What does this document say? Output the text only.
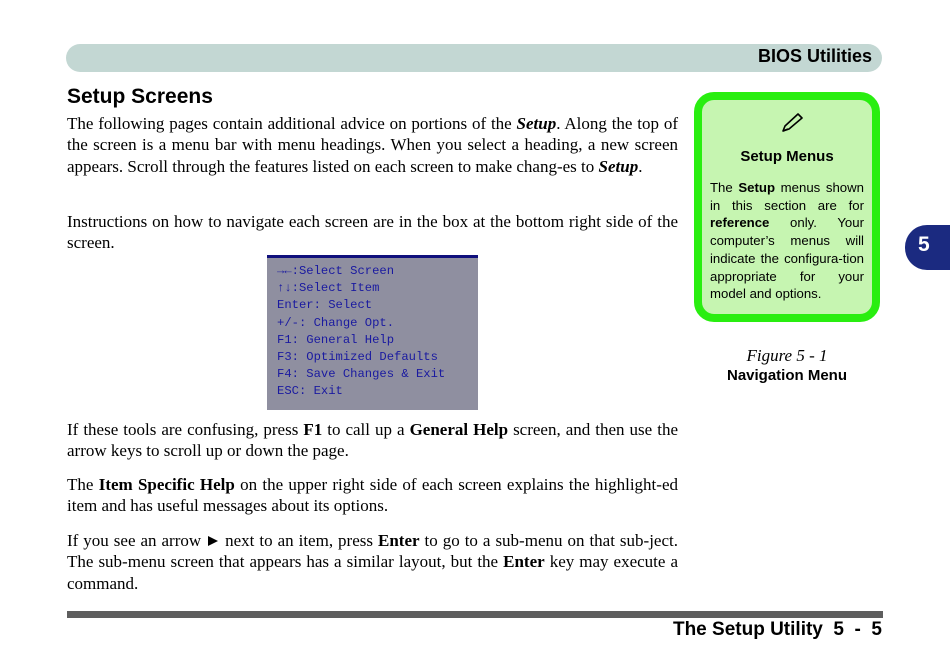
BIOS Utilities
5
Setup Screens

The following pages contain additional advice on portions of the Setup. Along the top of the screen is a menu bar with menu headings. When you select a heading, a new screen appears. Scroll through the features listed on each screen to make chang-es to Setup.

Instructions on how to navigate each screen are in the box at the bottom right side of the screen.

→←:Select Screen

↑↓:Select Item

Enter: Select

+/-: Change Opt.

F1: General Help

F3: Optimized Defaults

F4: Save Changes & Exit

ESC: Exit

If these tools are confusing, press F1 to call up a General Help screen, and then use the arrow keys to scroll up or down the page.

The Item Specific Help on the upper right side of each screen explains the highlight-ed item and has useful messages about its options.

If you see an arrow  next to an item, press Enter to go to a sub-menu on that sub-ject. The sub-menu screen that appears has a similar layout, but the Enter key may execute a command.

Setup Menus

The Setup menus shown in this section are for reference only. Your computer’s menus will indicate the configura-tion appropriate for your model and options.

Figure 5 - 1
Navigation Menu
The Setup Utility  5  -  5
